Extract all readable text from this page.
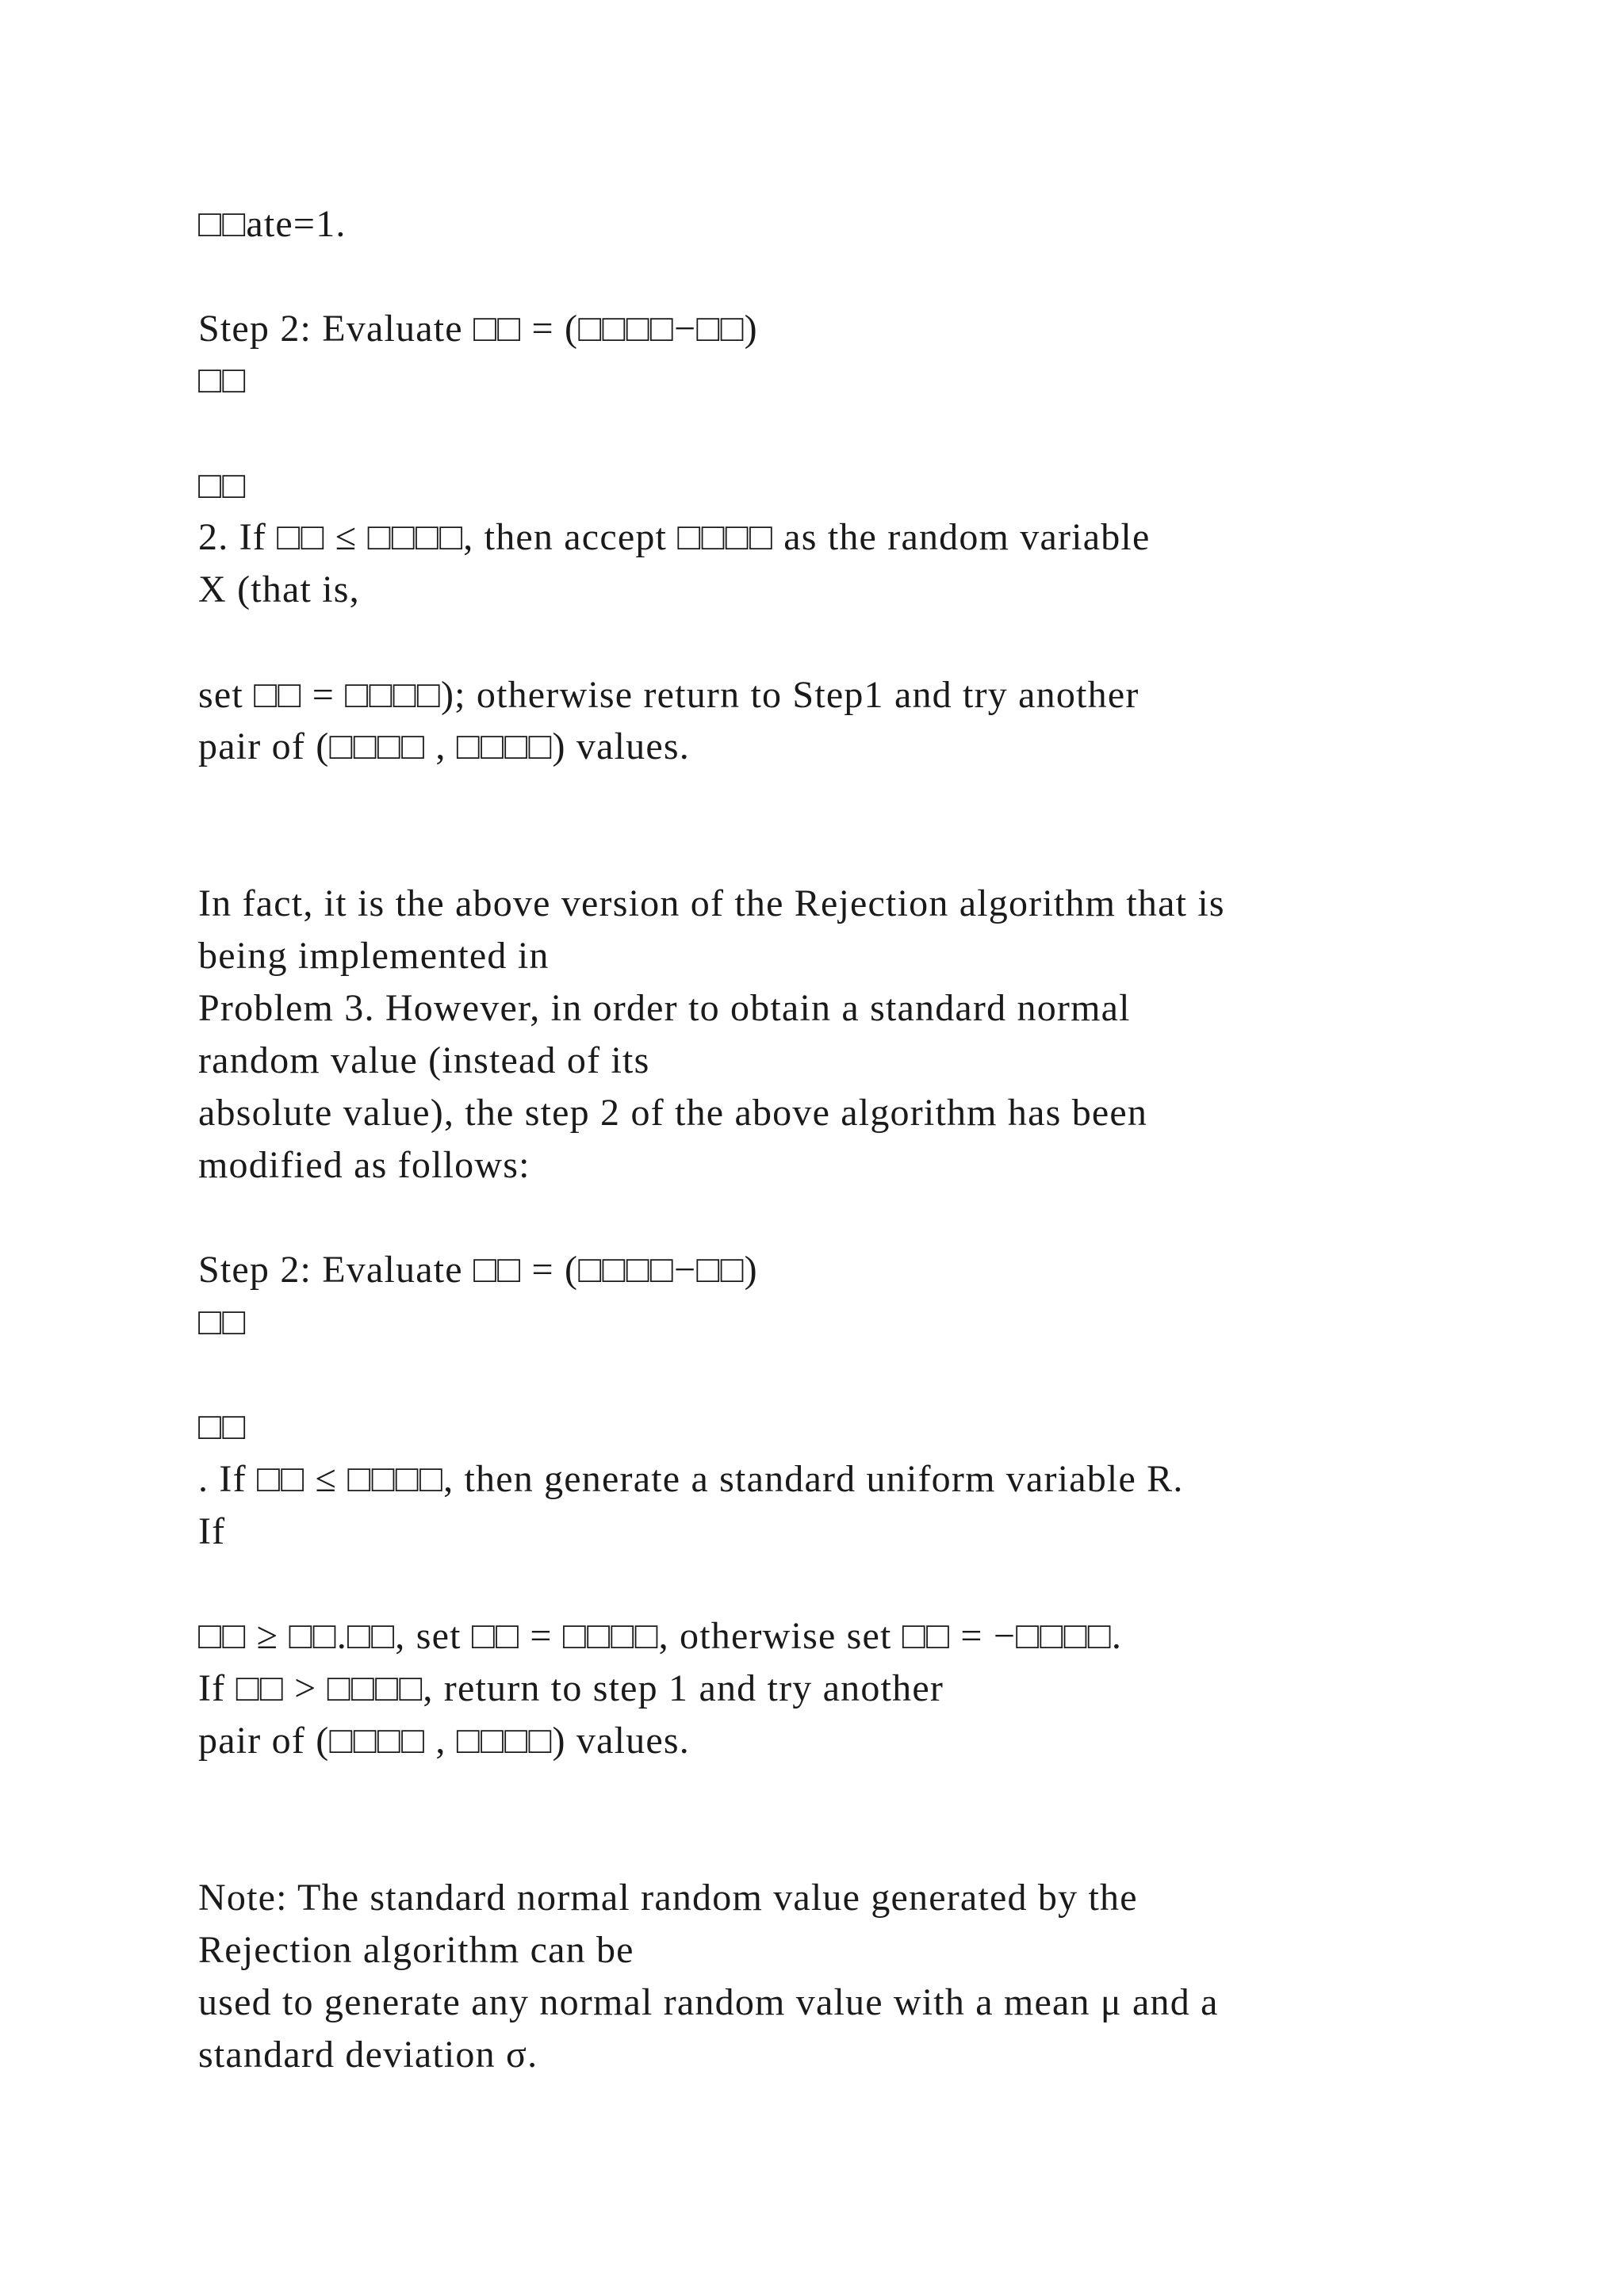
□□ate=1.
Step 2: Evaluate □□ = (□□□□−□□)
□□
□□
2. If □□ ≤ □□□□, then accept □□□□ as the random variable
X (that is,
set □□ = □□□□); otherwise return to Step1 and try another
pair of (□□□□ , □□□□) values.
In fact, it is the above version of the Rejection algorithm that is
being implemented in
Problem 3. However, in order to obtain a standard normal
random value (instead of its
absolute value), the step 2 of the above algorithm has been
modified as follows:
Step 2: Evaluate □□ = (□□□□−□□)
□□
□□
. If □□ ≤ □□□□, then generate a standard uniform variable R.
If
□□ ≥ □□.□□, set □□ = □□□□, otherwise set □□ = −□□□□.
If □□ > □□□□, return to step 1 and try another
pair of (□□□□ , □□□□) values.
Note: The standard normal random value generated by the
Rejection algorithm can be
used to generate any normal random value with a mean μ and a
standard deviation σ.
